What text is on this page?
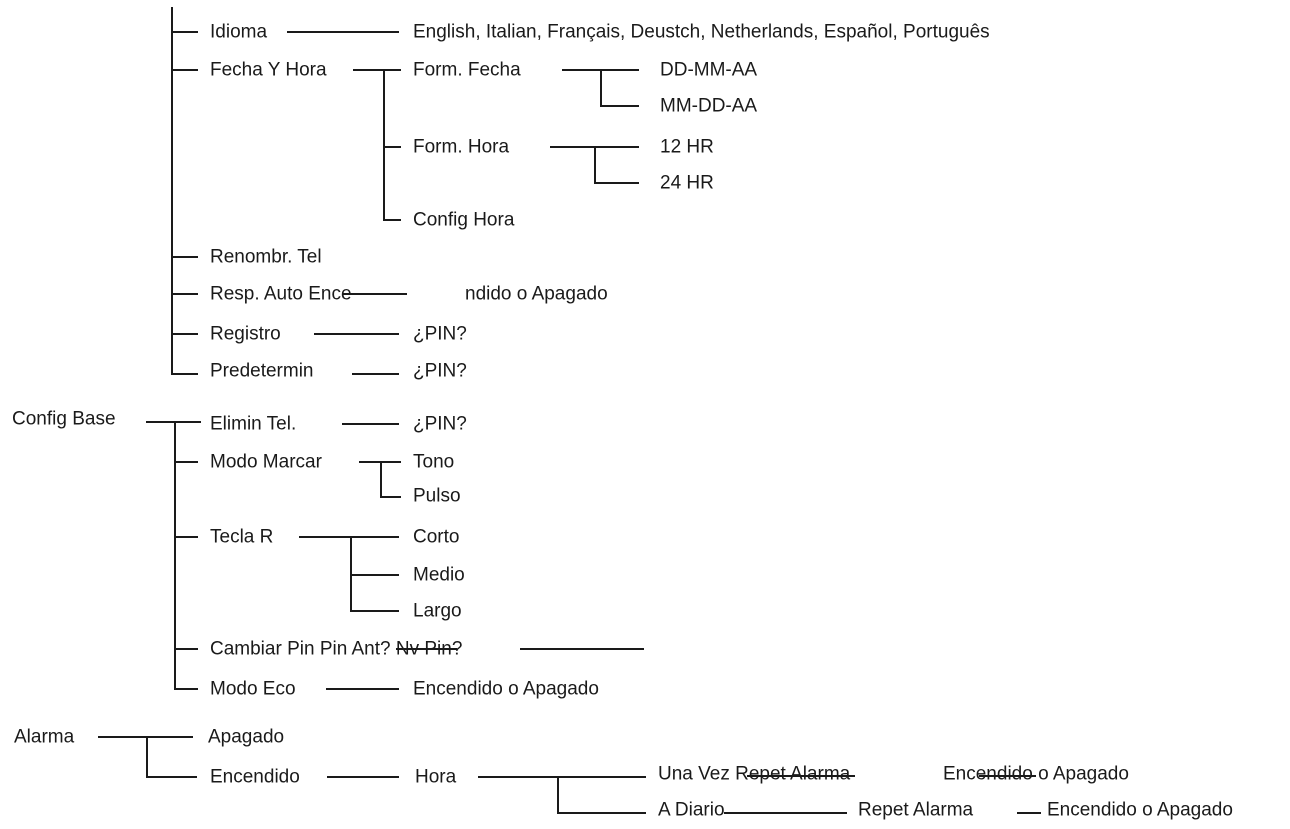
Idioma	English, Italian, Français, Deustch, Netherlands, Español, Português
Fecha Y Hora	Form. Fecha	DD-MM-AA
MM-DD-AA
Form. Hora	12 HR
24 HR
Config Hora
Renombr. Tel
Resp. Auto Ence	ndido o Apagado
Registro	¿PIN?
Predetermin	¿PIN?
Config Base	Elimin Tel.	¿PIN?
Modo Marcar	Tono
Pulso
Tecla R	Corto
Medio
Largo
Cambiar Pin Pin Ant? Nv Pin?
Modo Eco	Encendido o Apagado
Alarma	Apagado
Encendido	Hora	Una Vez Repet Alarma	Encendido o Apagado
A Diario	Repet Alarma	Encendido o Apagado
